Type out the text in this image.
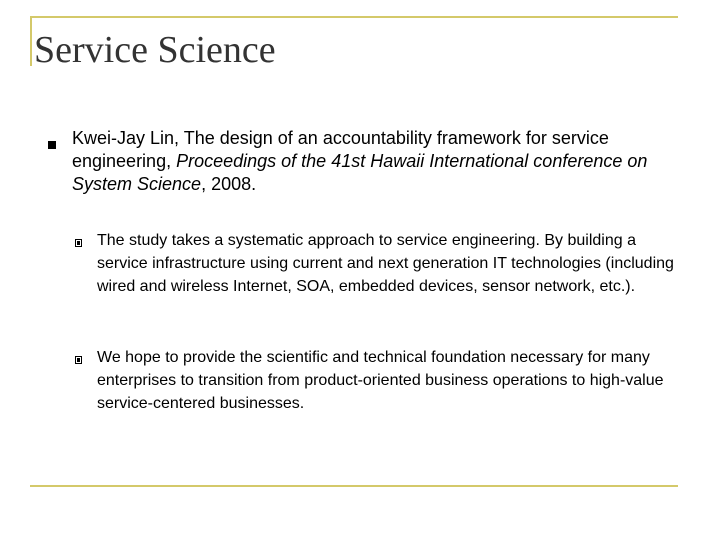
Service Science
Kwei-Jay Lin, The design of an accountability framework for service engineering, Proceedings of the 41st Hawaii International conference on System Science, 2008.
The study takes a systematic approach to service engineering. By building a service infrastructure using current and next generation IT technologies (including wired and wireless Internet, SOA, embedded devices, sensor network, etc.).
We hope to provide the scientific and technical foundation necessary for many enterprises to transition from product-oriented business operations to high-value service-centered businesses.
